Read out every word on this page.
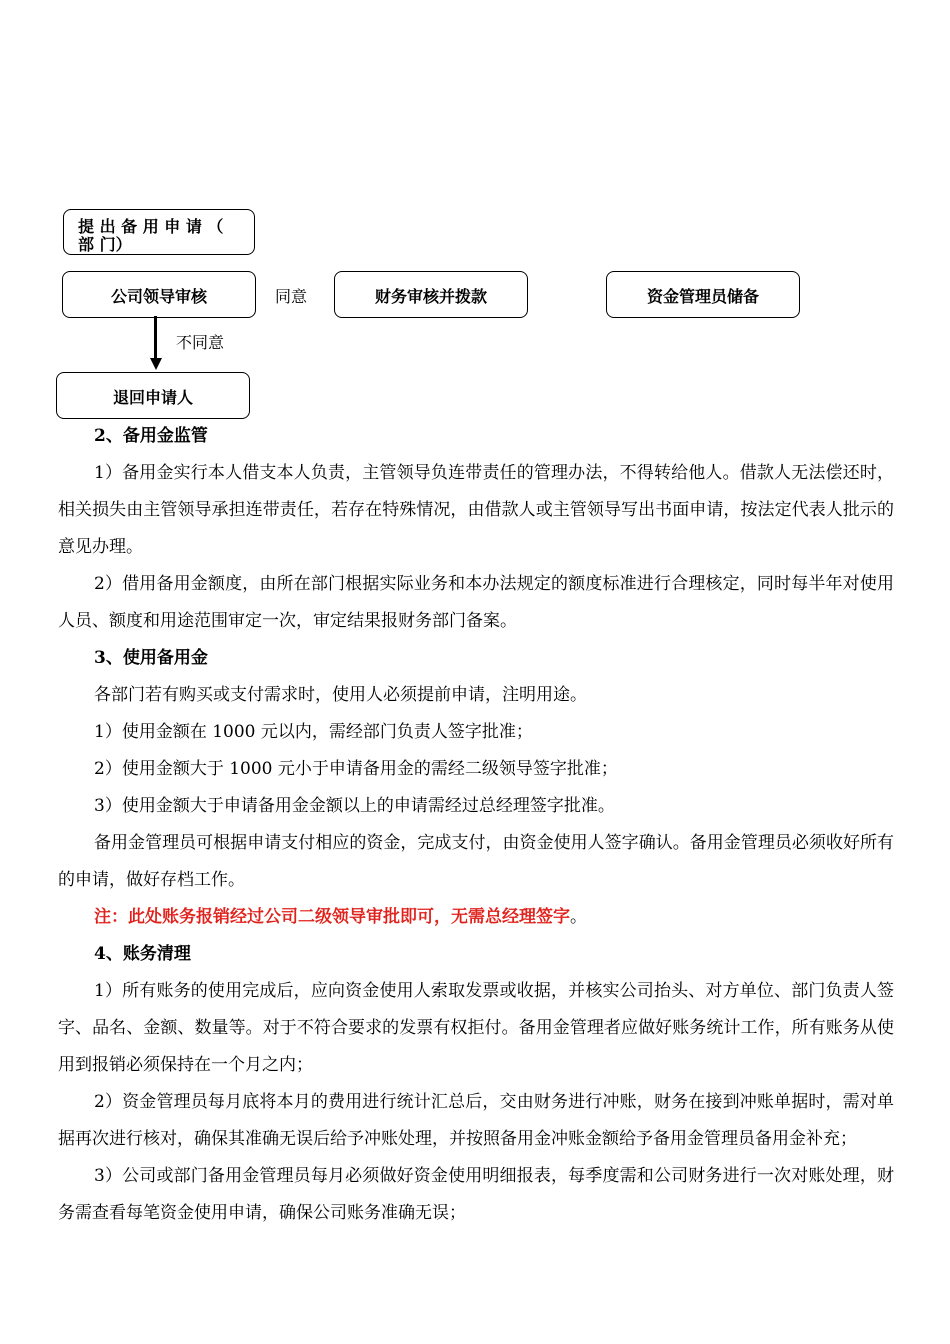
提 出 备 用 申 请 （ 部 门）
公司领导审核	同意	财务审核并拨款	资金管理员储备
不同意
退回申请人

2、备用金监管

1）备用金实行本人借支本人负责，主管领导负连带责任的管理办法，不得转给他人。借款人无法偿还时，相关损失由主管领导承担连带责任，若存在特殊情况，由借款人或主管领导写出书面申请，按法定代表人批示的意见办理。

2）借用备用金额度，由所在部门根据实际业务和本办法规定的额度标准进行合理核定，同时每半年对使用人员、额度和用途范围审定一次，审定结果报财务部门备案。

3、使用备用金

各部门若有购买或支付需求时，使用人必须提前申请，注明用途。

1）使用金额在 1000 元以内，需经部门负责人签字批准；

2）使用金额大于 1000 元小于申请备用金的需经二级领导签字批准；

3）使用金额大于申请备用金金额以上的申请需经过总经理签字批准。

备用金管理员可根据申请支付相应的资金，完成支付，由资金使用人签字确认。备用金管理员必须收好所有的申请，做好存档工作。

注：此处账务报销经过公司二级领导审批即可，无需总经理签字。

4、账务清理

1）所有账务的使用完成后，应向资金使用人索取发票或收据，并核实公司抬头、对方单位、部门负责人签字、品名、金额、数量等。对于不符合要求的发票有权拒付。备用金管理者应做好账务统计工作，所有账务从使用到报销必须保持在一个月之内；

2）资金管理员每月底将本月的费用进行统计汇总后，交由财务进行冲账，财务在接到冲账单据时，需对单据再次进行核对，确保其准确无误后给予冲账处理，并按照备用金冲账金额给予备用金管理员备用金补充；

3）公司或部门备用金管理员每月必须做好资金使用明细报表，每季度需和公司财务进行一次对账处理，财务需查看每笔资金使用申请，确保公司账务准确无误；
